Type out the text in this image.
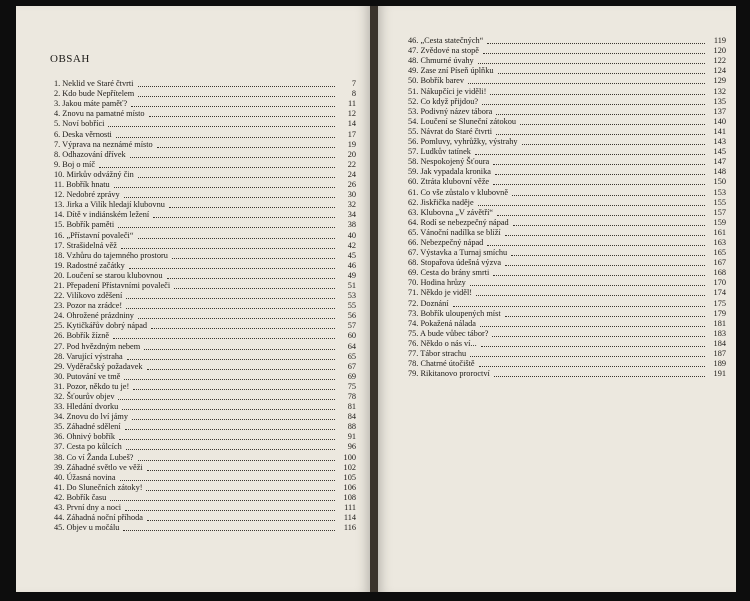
OBSAH
1. Neklid ve Staré čtvrti	7
2. Kdo bude Nepřítelem	8
3. Jakou máte paměť?	11
4. Znovu na pamatné místo	12
5. Noví bobříci	14
6. Deska věrnosti	17
7. Výprava na neznámé místo	19
8. Odhazování dřívek	20
9. Boj o míč	22
10. Mirkův odvážný čin	24
11. Bobřík hnatu	26
12. Nedobré zprávy	30
13. Jirka a Vilík hledají klubovnu	32
14. Dítě v indiánském ležení	34
15. Bobřík paměti	38
16. „Přístavní povaleči“	40
17. Strašidelná věž	42
18. Vzhůru do tajemného prostoru	45
19. Radostné začátky	46
20. Loučení se starou klubovnou	49
21. Přepadení Přístavními povaleči	51
22. Vilíkovo zděšení	53
23. Pozor na zrádce!	55
24. Ohrožené prázdniny	56
25. Kytičkářův dobrý nápad	57
26. Bobřík žízně	60
27. Pod hvězdným nebem	64
28. Varující výstraha	65
29. Vyděračský požadavek	67
30. Putování ve tmě	69
31. Pozor, někdo tu je!	75
32. Šťourův objev	78
33. Hledání dvorku	81
34. Znovu do lví jámy	84
35. Záhadné sdělení	88
36. Ohnivý bobřík	91
37. Cesta po kůlcích	96
38. Co ví Žanda Lubeš?	100
39. Záhadné světlo ve věži	102
40. Úžasná novina	105
41. Do Slunečních zátoky!	106
42. Bobřík času	108
43. První dny a noci	111
44. Záhadná noční příhoda	114
45. Objev u močálu	116
46. „Cesta statečných“	119
47. Zvědové na stopě	120
48. Chmurné úvahy	122
49. Zase zní Píseň úplňku	124
50. Bobřík barev	129
51. Nákupčíci je viděli!	132
52. Co když přijdou?	135
53. Podivný název tábora	137
54. Loučení se Sluneční zátokou	140
55. Návrat do Staré čtvrti	141
56. Pomluvy, vyhrůžky, výstrahy	143
57. Ludkův tatínek	145
58. Nespokojený Šťoura	147
59. Jak vypadala kronika	148
60. Ztráta klubovní věže	150
61. Co vše zůstalo v klubovně	153
62. Jiskřička naděje	155
63. Klubovna „V závětří“	157
64. Rodí se nebezpečný nápad	159
65. Vánoční nadílka se blíží	161
66. Nebezpečný nápad	163
67. Výstavka a Turnaj smíchu	165
68. Stopařova údešná výzva	167
69. Cesta do brány smrti	168
70. Hodina hrůzy	170
71. Někdo je viděl!	174
72. Doznání	175
73. Bobřík uloupených míst	179
74. Pokažená nálada	181
75. A bude vůbec tábor?	183
76. Někdo o nás ví...	184
77. Tábor strachu	187
78. Chatrné útočiště	189
79. Rikitanovo proroctví	191
